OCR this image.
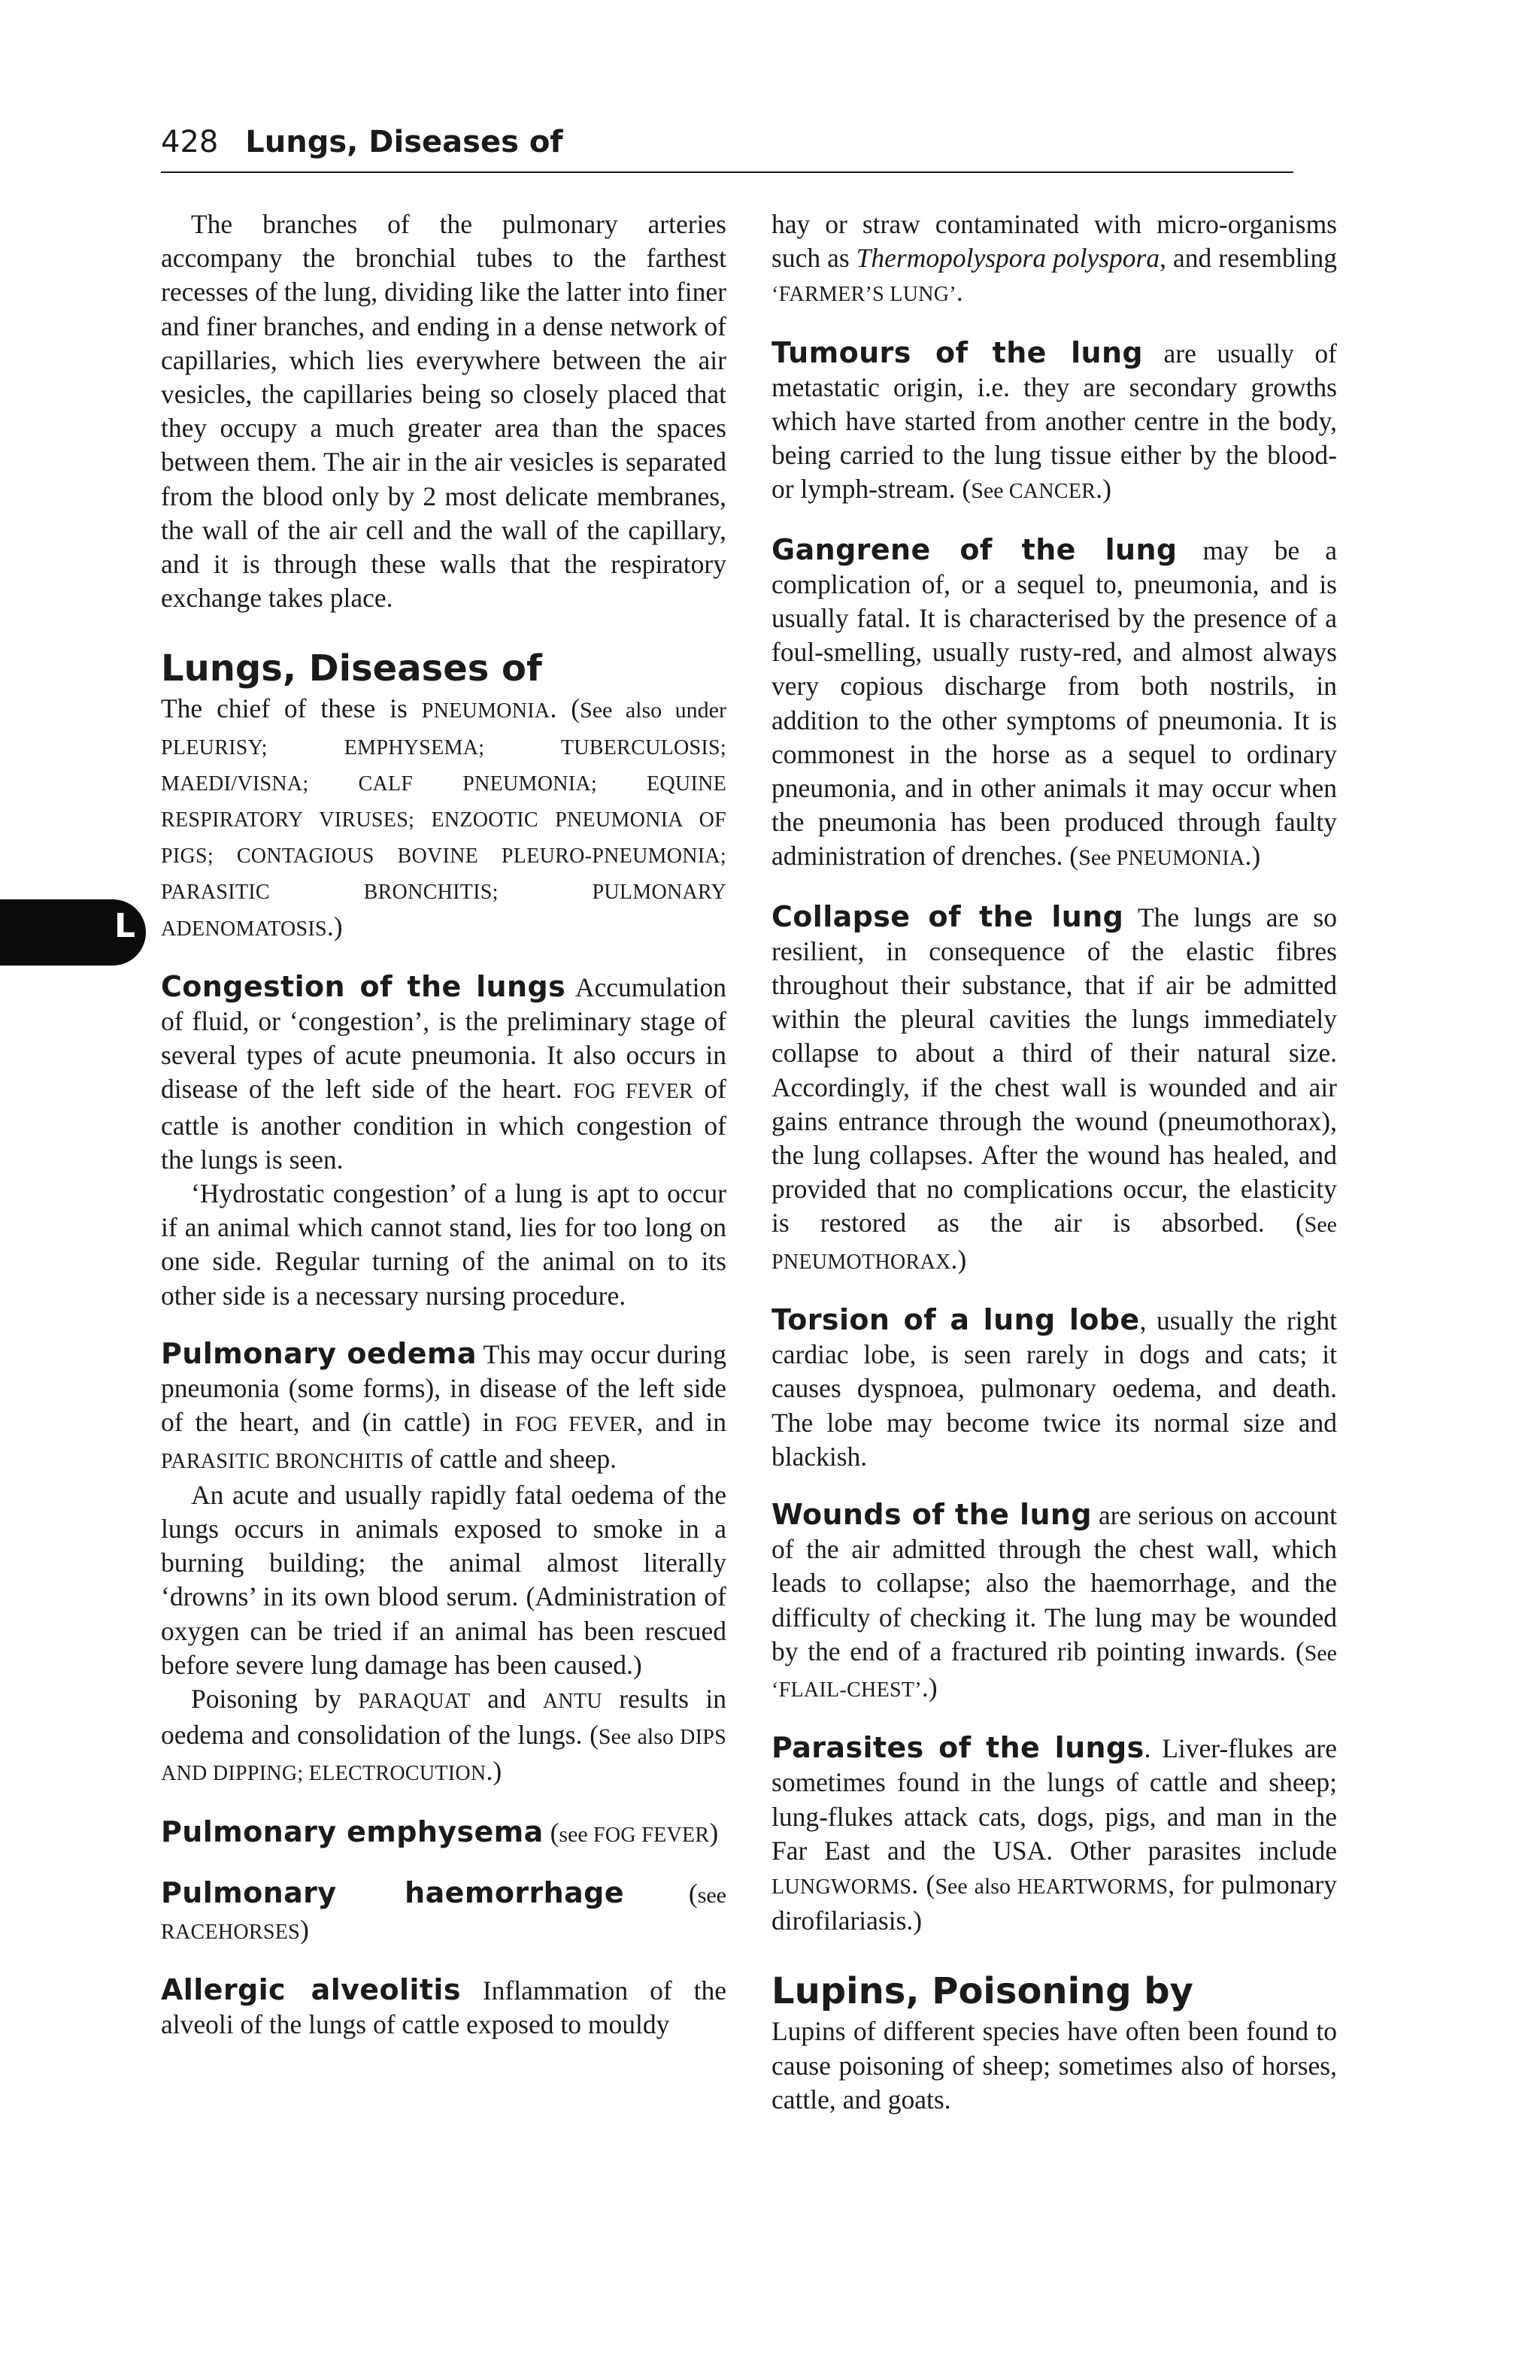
428 Lungs, Diseases of
L

The branches of the pulmonary arteries accompany the bronchial tubes to the farthest recesses of the lung, dividing like the latter into finer and finer branches, and ending in a dense network of capillaries, which lies everywhere between the air vesicles, the capillaries being so closely placed that they occupy a much greater area than the spaces between them. The air in the air vesicles is separated from the blood only by 2 most delicate membranes, the wall of the air cell and the wall of the capillary, and it is through these walls that the respiratory exchange takes place.

Lungs, Diseases of

The chief of these is PNEUMONIA. (See also under PLEURISY; EMPHYSEMA; TUBERCULOSIS; MAEDI/VISNA; CALF PNEUMONIA; EQUINE RESPIRATORY VIRUSES; ENZOOTIC PNEUMONIA OF PIGS; CONTAGIOUS BOVINE PLEURO-PNEUMONIA; PARASITIC BRONCHITIS; PULMONARY ADENOMATOSIS.)

Congestion of the lungs Accumulation of fluid, or ‘congestion’, is the preliminary stage of several types of acute pneumonia. It also occurs in disease of the left side of the heart. FOG FEVER of cattle is another condition in which congestion of the lungs is seen.

‘Hydrostatic congestion’ of a lung is apt to occur if an animal which cannot stand, lies for too long on one side. Regular turning of the animal on to its other side is a necessary nursing procedure.

Pulmonary oedema This may occur during pneumonia (some forms), in disease of the left side of the heart, and (in cattle) in FOG FEVER, and in PARASITIC BRONCHITIS of cattle and sheep.

An acute and usually rapidly fatal oedema of the lungs occurs in animals exposed to smoke in a burning building; the animal almost literally ‘drowns’ in its own blood serum. (Administration of oxygen can be tried if an animal has been rescued before severe lung damage has been caused.)

Poisoning by PARAQUAT and ANTU results in oedema and consolidation of the lungs. (See also DIPS AND DIPPING; ELECTROCUTION.)

Pulmonary emphysema (see FOG FEVER)

Pulmonary haemorrhage (see RACEHORSES)

Allergic alveolitis Inflammation of the alveoli of the lungs of cattle exposed to mouldy

hay or straw contaminated with micro-organisms such as Thermopolyspora polyspora, and resembling ‘FARMER’S LUNG’.

Tumours of the lung are usually of metastatic origin, i.e. they are secondary growths which have started from another centre in the body, being carried to the lung tissue either by the blood- or lymph-stream. (See CANCER.)

Gangrene of the lung may be a complication of, or a sequel to, pneumonia, and is usually fatal. It is characterised by the presence of a foul-smelling, usually rusty-red, and almost always very copious discharge from both nostrils, in addition to the other symptoms of pneumonia. It is commonest in the horse as a sequel to ordinary pneumonia, and in other animals it may occur when the pneumonia has been produced through faulty administration of drenches. (See PNEUMONIA.)

Collapse of the lung The lungs are so resilient, in consequence of the elastic fibres throughout their substance, that if air be admitted within the pleural cavities the lungs immediately collapse to about a third of their natural size. Accordingly, if the chest wall is wounded and air gains entrance through the wound (pneumothorax), the lung collapses. After the wound has healed, and provided that no complications occur, the elasticity is restored as the air is absorbed. (See PNEUMOTHORAX.)

Torsion of a lung lobe, usually the right cardiac lobe, is seen rarely in dogs and cats; it causes dyspnoea, pulmonary oedema, and death. The lobe may become twice its normal size and blackish.

Wounds of the lung are serious on account of the air admitted through the chest wall, which leads to collapse; also the haemorrhage, and the difficulty of checking it. The lung may be wounded by the end of a fractured rib pointing inwards. (See ‘FLAIL-CHEST’.)

Parasites of the lungs. Liver-flukes are sometimes found in the lungs of cattle and sheep; lung-flukes attack cats, dogs, pigs, and man in the Far East and the USA. Other parasites include LUNGWORMS. (See also HEARTWORMS, for pulmonary dirofilariasis.)

Lupins, Poisoning by

Lupins of different species have often been found to cause poisoning of sheep; sometimes also of horses, cattle, and goats.
